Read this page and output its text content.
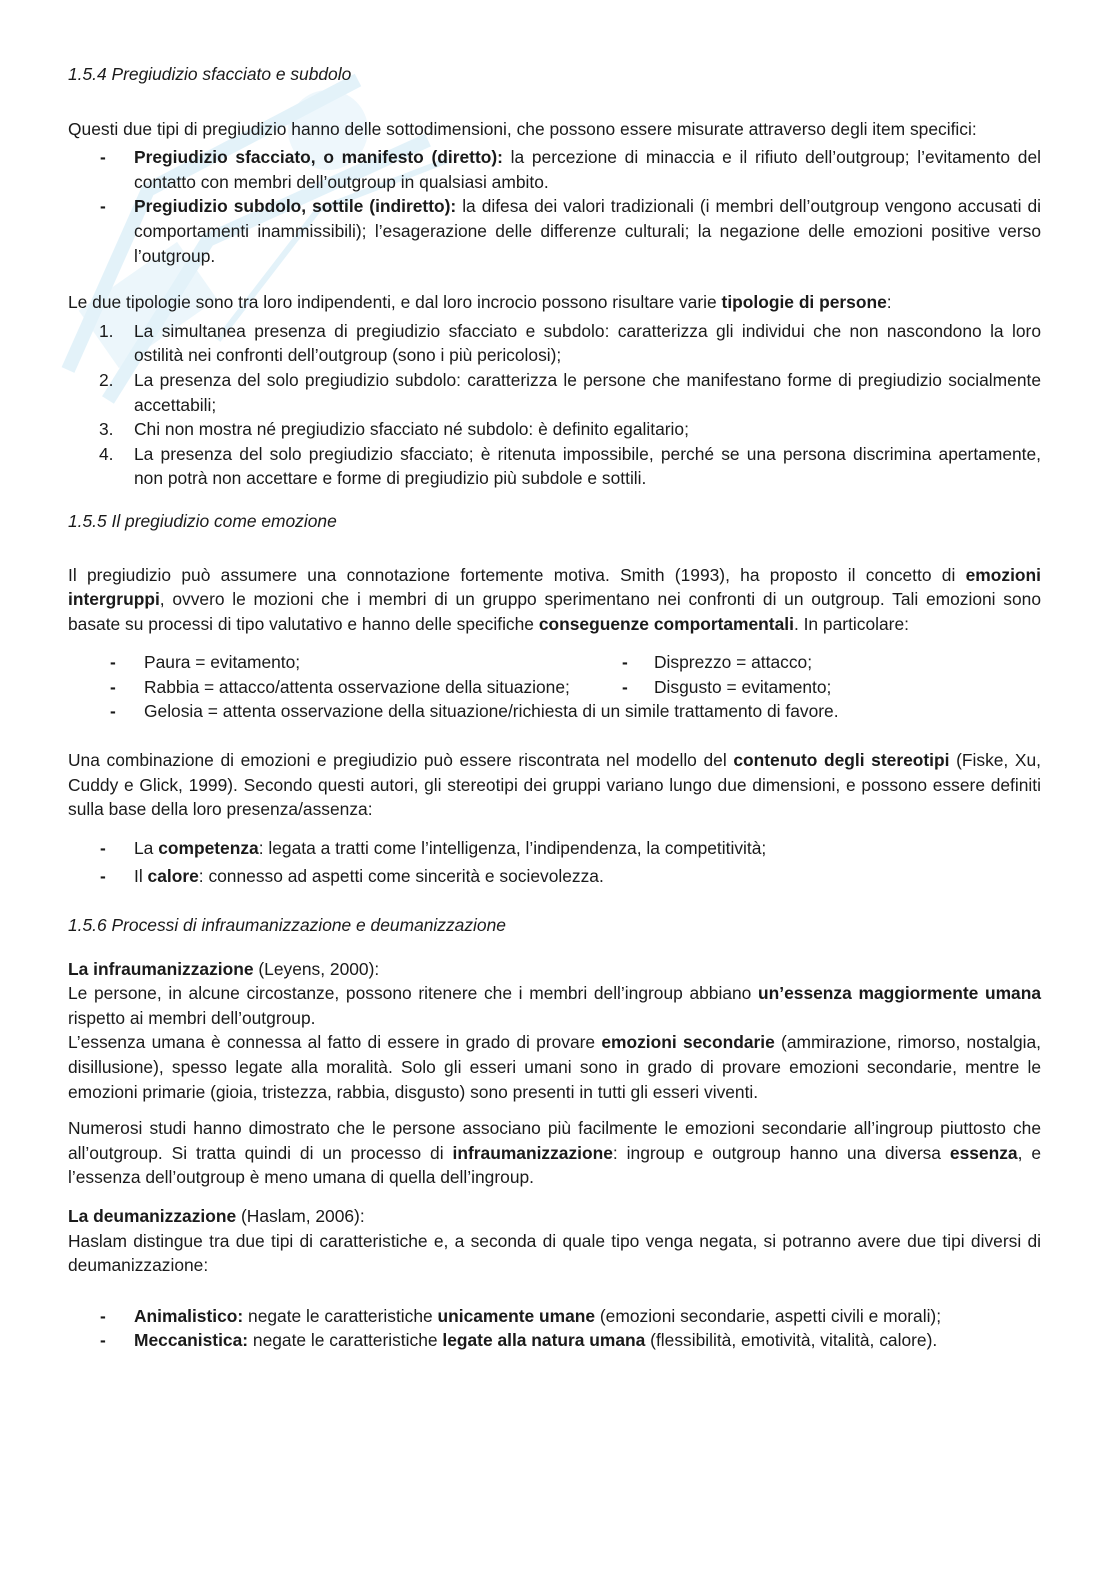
1.5.4 Pregiudizio sfacciato e subdolo

Questi due tipi di pregiudizio hanno delle sottodimensioni, che possono essere misurate attraverso degli item specifici:

- Pregiudizio sfacciato, o manifesto (diretto): la percezione di minaccia e il rifiuto dell’outgroup; l’evitamento del contatto con membri dell’outgroup in qualsiasi ambito.
- Pregiudizio subdolo, sottile (indiretto): la difesa dei valori tradizionali (i membri dell’outgroup vengono accusati di comportamenti inammissibili); l’esagerazione delle differenze culturali; la negazione delle emozioni positive verso l’outgroup.

Le due tipologie sono tra loro indipendenti, e dal loro incrocio possono risultare varie tipologie di persone:

1. La simultanea presenza di pregiudizio sfacciato e subdolo: caratterizza gli individui che non nascondono la loro ostilità nei confronti dell’outgroup (sono i più pericolosi);
2. La presenza del solo pregiudizio subdolo: caratterizza le persone che manifestano forme di pregiudizio socialmente accettabili;
3. Chi non mostra né pregiudizio sfacciato né subdolo: è definito egalitario;
4. La presenza del solo pregiudizio sfacciato; è ritenuta impossibile, perché se una persona discrimina apertamente, non potrà non accettare e forme di pregiudizio più subdole e sottili.

1.5.5 Il pregiudizio come emozione

Il pregiudizio può assumere una connotazione fortemente motiva. Smith (1993), ha proposto il concetto di emozioni intergruppi, ovvero le mozioni che i membri di un gruppo sperimentano nei confronti di un outgroup. Tali emozioni sono basate su processi di tipo valutativo e hanno delle specifiche conseguenze comportamentali. In particolare:

- Paura = evitamento;	- Disprezzo = attacco;
- Rabbia = attacco/attenta osservazione della situazione;	- Disgusto = evitamento;
- Gelosia = attenta osservazione della situazione/richiesta di un simile trattamento di favore.

Una combinazione di emozioni e pregiudizio può essere riscontrata nel modello del contenuto degli stereotipi (Fiske, Xu, Cuddy e Glick, 1999). Secondo questi autori, gli stereotipi dei gruppi variano lungo due dimensioni, e possono essere definiti sulla base della loro presenza/assenza:

- La competenza: legata a tratti come l’intelligenza, l’indipendenza, la competitività;
- Il calore: connesso ad aspetti come sincerità e socievolezza.

1.5.6 Processi di infraumanizzazione e deumanizzazione

La infraumanizzazione (Leyens, 2000):

Le persone, in alcune circostanze, possono ritenere che i membri dell’ingroup abbiano un’essenza maggiormente umana rispetto ai membri dell’outgroup.

L’essenza umana è connessa al fatto di essere in grado di provare emozioni secondarie (ammirazione, rimorso, nostalgia, disillusione), spesso legate alla moralità. Solo gli esseri umani sono in grado di provare emozioni secondarie, mentre le emozioni primarie (gioia, tristezza, rabbia, disgusto) sono presenti in tutti gli esseri viventi.

Numerosi studi hanno dimostrato che le persone associano più facilmente le emozioni secondarie all’ingroup piuttosto che all’outgroup. Si tratta quindi di un processo di infraumanizzazione: ingroup e outgroup hanno una diversa essenza, e l’essenza dell’outgroup è meno umana di quella dell’ingroup.

La deumanizzazione (Haslam, 2006):

Haslam distingue tra due tipi di caratteristiche e, a seconda di quale tipo venga negata, si potranno avere due tipi diversi di deumanizzazione:

- Animalistico: negate le caratteristiche unicamente umane (emozioni secondarie, aspetti civili e morali);
- Meccanistica: negate le caratteristiche legate alla natura umana (flessibilità, emotività, vitalità, calore).
